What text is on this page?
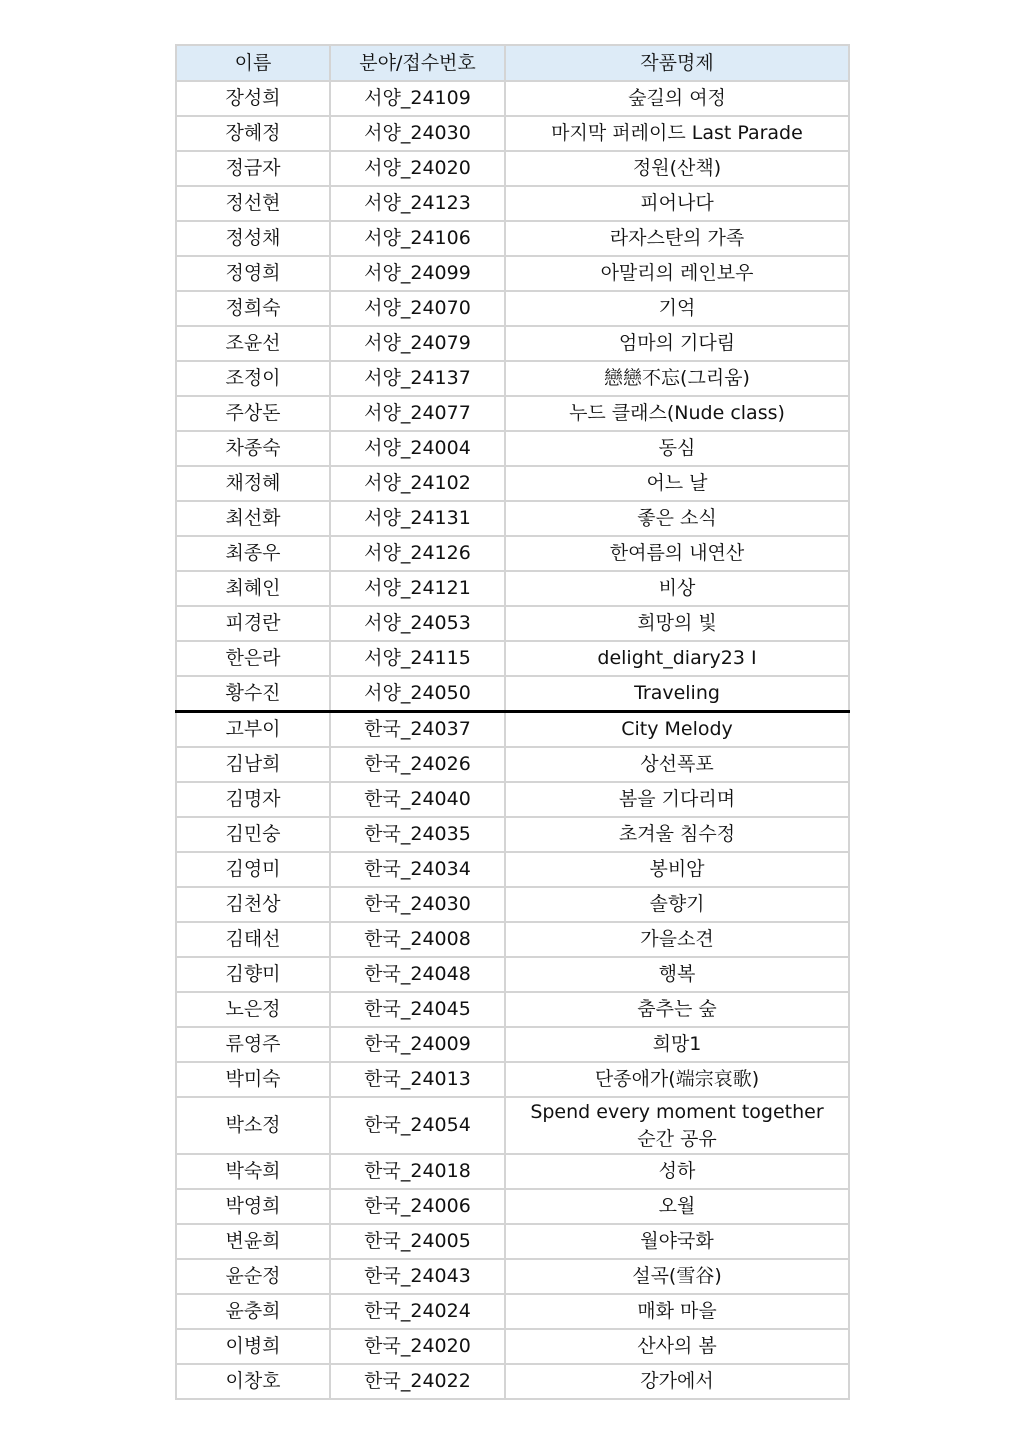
이름	분야/접수번호	작품명제
장성희	서양_24109	숲길의 여정
장혜정	서양_24030	마지막 퍼레이드 Last Parade
정금자	서양_24020	정원(산책)
정선현	서양_24123	피어나다
정성채	서양_24106	라자스탄의 가족
정영희	서양_24099	아말리의 레인보우
정희숙	서양_24070	기억
조윤선	서양_24079	엄마의 기다림
조정이	서양_24137	戀戀不忘(그리움)
주상돈	서양_24077	누드 클래스(Nude class)
차종숙	서양_24004	동심
채정혜	서양_24102	어느 날
최선화	서양_24131	좋은 소식
최종우	서양_24126	한여름의 내연산
최혜인	서양_24121	비상
피경란	서양_24053	희망의 빛
한은라	서양_24115	delight_diary23 I
황수진	서양_24050	Traveling
고부이	한국_24037	City Melody
김남희	한국_24026	상선폭포
김명자	한국_24040	봄을 기다리며
김민숭	한국_24035	초겨울 침수정
김영미	한국_24034	봉비암
김천상	한국_24030	솔향기
김태선	한국_24008	가을소견
김향미	한국_24048	행복
노은정	한국_24045	춤추는 숲
류영주	한국_24009	희망1
박미숙	한국_24013	단종애가(端宗哀歌)
박소정	한국_24054	Spend every moment together
순간 공유

박숙희	한국_24018	성하
박영희	한국_24006	오월
변윤희	한국_24005	월야국화
윤순정	한국_24043	설곡(雪谷)
윤충희	한국_24024	매화 마을
이병희	한국_24020	산사의 봄
이창호	한국_24022	강가에서
